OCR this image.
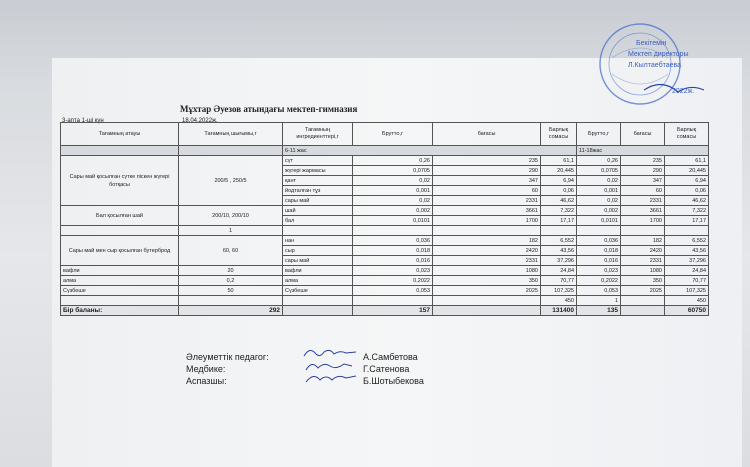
Бекітемін
Мектеп директоры
Л.Кылтаебтаева
2022ж.
Мұхтар Әуезов атындағы мектеп-гимназия
3-апта 1-ші күн	18.04.2022ж.
Тағамның атауы	Тағамның шығымы,г	Тағамның ингредиенттері,г	Брутто,г	бағасы	Барлық сомасы	Брутто,г	бағасы	Барлық сомасы
		6-11 жас				11-18жас		
Сары май қосылған сүтке піскен жүгері ботқасы	200/5 , 250/5	сүт	0,26	235	61,1	0,26	235	61,1
		жүгері жармасы	0,0705	290	20,445	0,0705	290	20,445
		қант	0,02	347	6,94	0,02	347	6,94
		йодталған тұз	0,001	60	0,06	0,001	60	0,06
		сары май	0,02	2331	46,62	0,02	2331	46,62
Бал қосылған шай	200/10, 200/10	шай	0,002	3661	7,322	0,002	3661	7,322
		бал	0,0101	1700	17,17	0,0101	1700	17,17
	1							
Сары май мен сыр қосылған бутерброд	60, 60	нан	0,036	182	6,552	0,036	182	6,552
		сыр	0,018	2420	43,56	0,018	2420	43,56
		сары май	0,016	2331	37,296	0,016	2331	37,296
вафли	20	вафли	0,023	1080	24,84	0,023	1080	24,84
алма	0,2	алма	0,2022	350	70,77	0,2022	350	70,77
Сүзбеше	50	Сүзбеше	0,053	2025	107,325	0,053	2025	107,325
					450	1		450
Бір баланы:	292		157		131400	135		60750
Әлеуметтік педагог:
Медбике:
Аспазшы:
А.Самбетова
Г.Сатенова
Б.Шотыбекова
